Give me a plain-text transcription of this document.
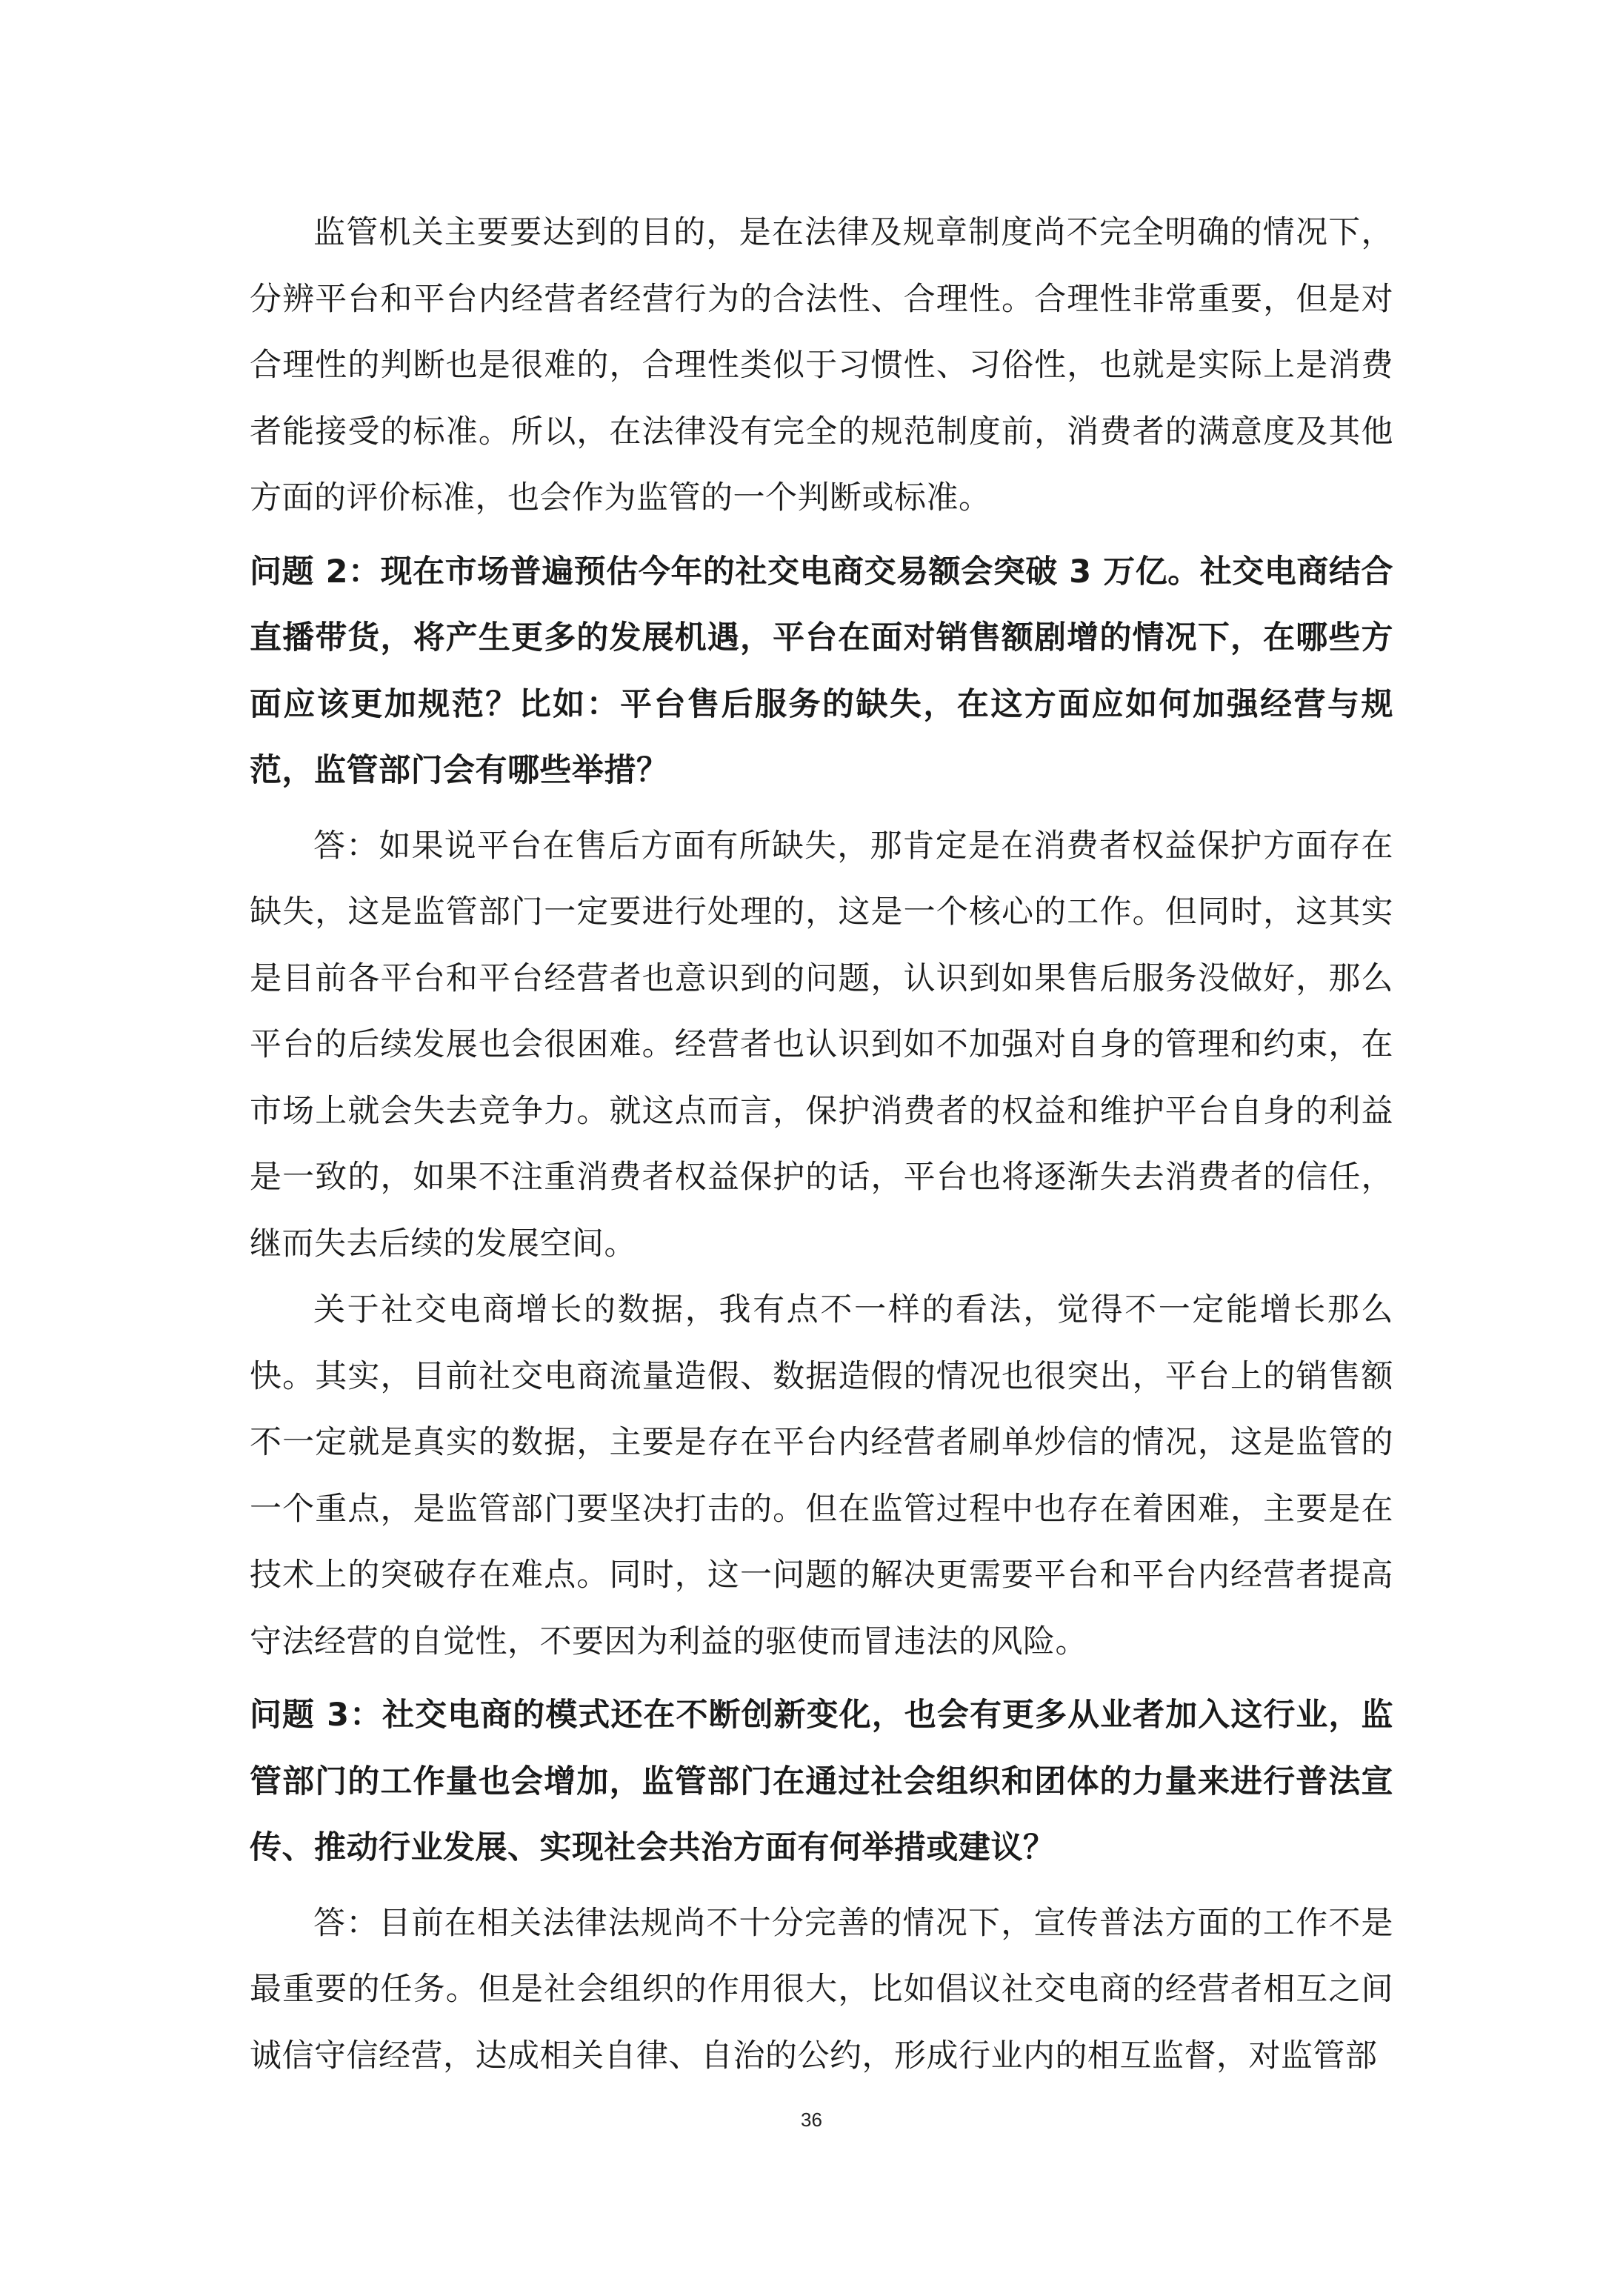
监管机关主要要达到的目的，是在法律及规章制度尚不完全明确的情况下，分辨平台和平台内经营者经营行为的合法性、合理性。合理性非常重要，但是对合理性的判断也是很难的，合理性类似于习惯性、习俗性，也就是实际上是消费者能接受的标准。所以，在法律没有完全的规范制度前，消费者的满意度及其他方面的评价标准，也会作为监管的一个判断或标准。

问题 2：现在市场普遍预估今年的社交电商交易额会突破 3 万亿。社交电商结合直播带货，将产生更多的发展机遇，平台在面对销售额剧增的情况下，在哪些方面应该更加规范？比如：平台售后服务的缺失，在这方面应如何加强经营与规范，监管部门会有哪些举措？

答：如果说平台在售后方面有所缺失，那肯定是在消费者权益保护方面存在缺失，这是监管部门一定要进行处理的，这是一个核心的工作。但同时，这其实是目前各平台和平台经营者也意识到的问题，认识到如果售后服务没做好，那么平台的后续发展也会很困难。经营者也认识到如不加强对自身的管理和约束，在市场上就会失去竞争力。就这点而言，保护消费者的权益和维护平台自身的利益是一致的，如果不注重消费者权益保护的话，平台也将逐渐失去消费者的信任，继而失去后续的发展空间。

关于社交电商增长的数据，我有点不一样的看法，觉得不一定能增长那么快。其实，目前社交电商流量造假、数据造假的情况也很突出，平台上的销售额不一定就是真实的数据，主要是存在平台内经营者刷单炒信的情况，这是监管的一个重点，是监管部门要坚决打击的。但在监管过程中也存在着困难，主要是在技术上的突破存在难点。同时，这一问题的解决更需要平台和平台内经营者提高守法经营的自觉性，不要因为利益的驱使而冒违法的风险。

问题 3：社交电商的模式还在不断创新变化，也会有更多从业者加入这行业，监管部门的工作量也会增加，监管部门在通过社会组织和团体的力量来进行普法宣传、推动行业发展、实现社会共治方面有何举措或建议？

答：目前在相关法律法规尚不十分完善的情况下，宣传普法方面的工作不是最重要的任务。但是社会组织的作用很大，比如倡议社交电商的经营者相互之间诚信守信经营，达成相关自律、自治的公约，形成行业内的相互监督，对监管部

36
